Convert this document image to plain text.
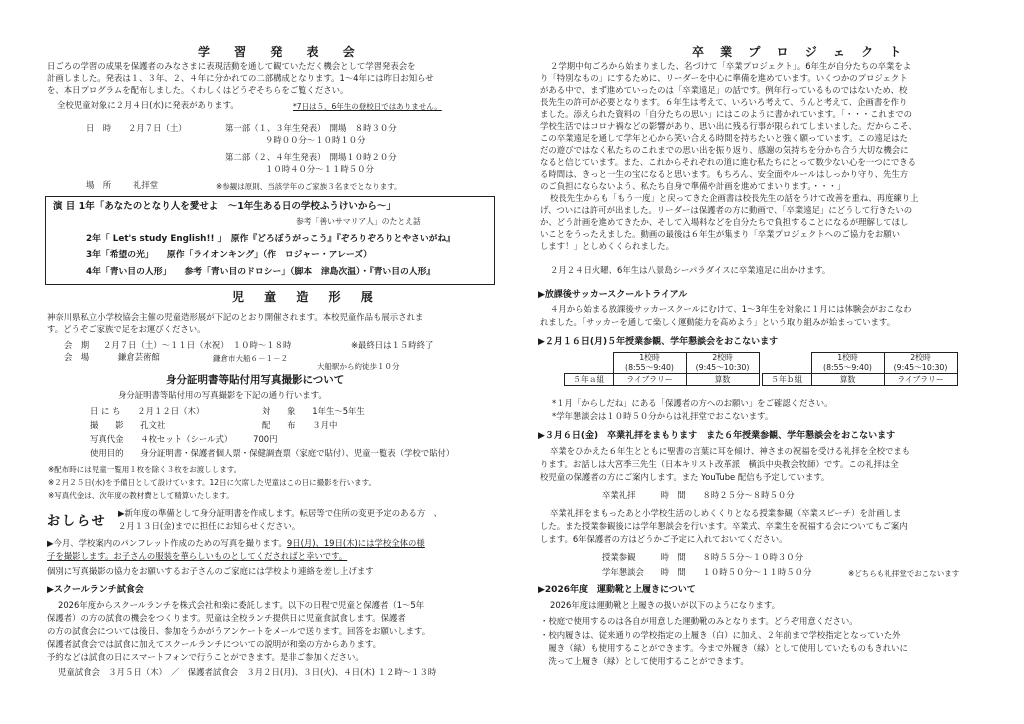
学 習 発 表 会
日ごろの学習の成果を保護者のみなさまに表現活動を通して観ていただく機会として学習発表会を
計画しました。発表は１、３年、２、４年に分かれての二部構成となります。1〜4年には昨日お知らせ
を、本日プログラムを配布しました。くわしくはどうぞそちらをご覧ください。
全校児童対象に２月４日(水)に発表があります。	*7日は５、6年生の登校日ではありません。
日　時 ２月７日（土）	第一部（１、３年生発表）　開場　８時３０分
９時００分〜１０時１０分
第二部（２、４年生発表）　開場１０時２０分
１０時４０分〜１１時５０分
場　所	礼拝堂	※参観は原則、当該学年のご家族３名までとなります。
演 目 1年「あなたのとなり人を愛せよ　〜1年生ある日の学校ふうけいから〜」
参考「善いサマリア人」のたとえ話
2年「 Let's study English!! 」　原作『どろぼうがっこう』『ぞろりぞろりとやさいがね』
3年「希望の光」　　原作「ライオンキング」（作　ロジャー・アレーズ）
4年「青い目の人形」　　参考「青い目のドロシー」（脚本　津島次温）・『青い目の人形』
児 童 造 形 展
神奈川県私立小学校協会主催の児童造形展が下記のとおり開催されます。本校児童作品も展示されま
す。どうぞご家族で足をお運びください。
会　期 ２月７日（土）〜１１日（水祝）　１０時〜１８時	※最終日は１５時終了
会　場	鎌倉芸術館	鎌倉市大船６－１－２
大船駅から約徒歩１０分
身分証明書等貼付用写真撮影について
身分証明書等貼付用の写真撮影を下記の通り行います。
日 に ち　　２月１２日（木）	対　　象　　1年生〜5年生
撮　　影　　孔文社	配　　布　　３月中
写真代金　　４枚セット（シール式）　　　700円
使用目的　　身分証明書・保護者個人票・保健調査票（家庭で貼付）、児童一覧表（学校で貼付）
※配布時には児童一覧用１枚を除く３枚をお渡しします。
※２月２５日(水)を予備日として設けています。12日に欠席した児童はこの日に撮影を行います。
※写真代金は、次年度の教材費として精算いたします。
おしらせ
▶新年度の準備として身分証明書を作成します。転居等で住所の変更予定のある方　、
２月１３日(金)までに担任にお知らせください。
▶今月、学校案内のパンフレット作成のための写真を撮ります。9日(月)、19日(木)には学校全体の様
子を撮影します。お子さんの服装を華らしいものとしてくださればと幸いです。
個別に写真撮影の協力をお願いするお子さんのご家庭には学校より連絡を差し上げます
▶スクールランチ試食会
2026年度からスクールランチを株式会社和楽に委託します。以下の日程で児童と保護者（1〜5年
保護者）の方の試食の機会をつくります。児童は全校ランチ提供日に児童食試食します。保護者
の方の試食会については後日、参加をうかがうアンケートをメールで送ります。回答をお願いします。
保護者試食会では試食に加えてスクールランチについての説明が和楽の方からあります。
予約などは試食の日にスマートフォンで行うことができます。是非ご参加ください。
児童試食会　３月５日（木）　／　保護者試食会　３月２日(月)、３日(火)、４日(木) １２時〜１３時
卒 業 プ ロ ジ ェ ク ト
２学期中旬ごろから始まりました、名づけて「卒業プロジェクト」。6年生が自分たちの卒業をよ
り「特別なもの」にするために、リーダーを中心に準備を進めています。いくつかのプロジェクト
がある中で、まず進めていったのは「卒業遠足」の話です。例年行っているものではないため、校
長先生の許可が必要となります。６年生は考えて、いろいろ考えて、うんと考えて、企画書を作り
ました。添えられた資料の「自分たちの思い」にはこのように書かれています。「・・・これまでの
学校生活ではコロナ禍などの影響があり、思い出に残る行事が限られてしまいました。だからこそ、
この卒業遠足を通して学年と心から笑い合える時間を持ちたいと強く願っています。この遠足はた
だの遊びではなく私たちのこれまでの思い出を振り返り、感謝の気持ちを分かち合う大切な機会に
なると信じています。また、これからそれぞれの道に進む私たちにとって数少ない心を一つにできる
る時間は、きっと一生の宝になると思います。もちろん、安全面やルールはしっかり守り、先生方
のご負担にならないよう、私たち自身で準備や計画を進めてまいります。・・・」
校長先生からも「もう一度」と戻ってきた企画書は校長先生の話をうけて改善を重ね、再度練り上
げ、ついには許可が出ました。リーダーは保護者の方に動画で、「卒業遠足」にどうして行きたいの
か、どう計画を進めてきたか、そして入場料などを自分たちで負担することになるが理解してほし
いことをうったえました。動画の最後は６年生が集まり「卒業プロジェクトへのご協力をお願い
します！」としめくくられました。
２月２４日火曜、6年生は八景島シーパラダイスに卒業遠足に出かけます。
▶放課後サッカースクールトライアル
４月から始まる放課後サッカースクールにむけて、1〜3年生を対象に１月には体験会がおこなわ
れました。「サッカーを通して楽しく運動能力を高めよう」という取り組みが始まっています。
▶２月１６日(月)５年授業参観、学年懇談会をおこないます
	1校時
(8:55〜9:40)	2校時
(9:45〜10:30)
５年ａ組	ライブラリー	算数
	1校時
(8:55〜9:40)	2校時
(9:45〜10:30)
５年ｂ組	算数	ライブラリー
*１月「からしだね」にある「保護者の方へのお願い」をご確認ください。
*学年懇談会は１０時５０分からは礼拝堂でおこないます。
▶３月６日(金)　卒業礼拝をまもります　また６年授業参観、学年懇談会をおこないます
卒業をひかえた６年生とともに聖書の言葉に耳を傾け、神さまの祝福を受ける礼拝を全校でまも
ります。お話しは大宮季三先生（日本キリスト改革派　横浜中央教会牧師）です。この礼拝は全
校児童の保護者の方にご案内します。また YouTube 配信も予定しています。
卒業礼拝　　　時　間　　８時２５分〜８時５０分
卒業礼拝をまもったあと小学校生活のしめくくりとなる授業参観（卒業スピーチ）を計画しま
した。また授業参観後には学年懇談会を行います。卒業式、卒業生を祝福する会についてもご案内
します。6年保護者の方はどうかご予定に入れておいてください。
授業参観　　　時　間　　８時５５分〜１０時３０分
学年懇談会　　時　間　　１０時５０分〜１１時５０分	※どちらも礼拝堂でおこないます
▶2026年度　運動靴と上履きについて
2026年度は運動靴と上履きの扱いが以下のようになります。
・校庭で使用するのは各自が用意した運動靴のみとなります。どうぞ用意ください。
・校内履きは、従来通りの学校指定の上履き（白）に加え、２年前まで学校指定となっていた外
　履き（緑）も使用することができます。今まで外履き（緑）として使用していたものもきれいに
　洗って上履き（緑）として使用することができます。
